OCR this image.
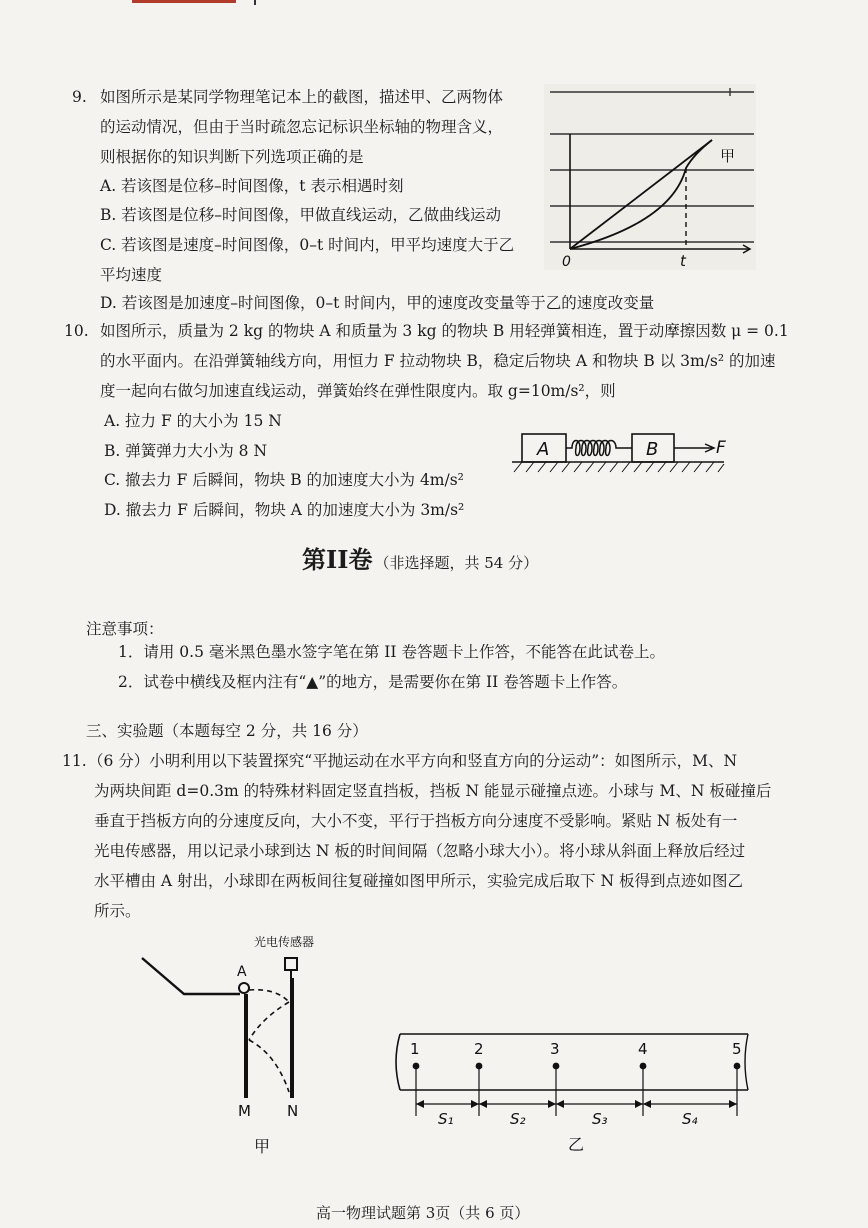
9. 如图所示是某同学物理笔记本上的截图，描述甲、乙两物体
的运动情况，但由于当时疏忽忘记标识坐标轴的物理含义，
则根据你的知识判断下列选项正确的是
A. 若该图是位移–时间图像，t 表示相遇时刻
B. 若该图是位移–时间图像，甲做直线运动，乙做曲线运动
C. 若该图是速度–时间图像，0–t 时间内，甲平均速度大于乙
平均速度
D. 若该图是加速度–时间图像，0–t 时间内，甲的速度改变量等于乙的速度改变量
甲
0	t
10. 如图所示，质量为 2 kg 的物块 A 和质量为 3 kg 的物块 B 用轻弹簧相连，置于动摩擦因数 μ = 0.1
的水平面内。在沿弹簧轴线方向，用恒力 F 拉动物块 B，稳定后物块 A 和物块 B 以 3m/s² 的加速
度一起向右做匀加速直线运动，弹簧始终在弹性限度内。取 g=10m/s²，则
A. 拉力 F 的大小为 15 N
B. 弹簧弹力大小为 8 N
C. 撤去力 F 后瞬间，物块 B 的加速度大小为 4m/s²
D. 撤去力 F 后瞬间，物块 A 的加速度大小为 3m/s²
A	B	F
第II卷 （非选择题，共 54 分）
注意事项：
1．请用 0.5 毫米黑色墨水签字笔在第 II 卷答题卡上作答，不能答在此试卷上。
2．试卷中横线及框内注有“▲”的地方，是需要你在第 II 卷答题卡上作答。
三、实验题（本题每空 2 分，共 16 分）
11. （6 分）小明利用以下装置探究“平抛运动在水平方向和竖直方向的分运动”：如图所示，M、N
为两块间距 d=0.3m 的特殊材料固定竖直挡板，挡板 N 能显示碰撞点迹。小球与 M、N 板碰撞后
垂直于挡板方向的分速度反向，大小不变，平行于挡板方向分速度不受影响。紧贴 N 板处有一
光电传感器，用以记录小球到达 N 板的时间间隔（忽略小球大小）。将小球从斜面上释放后经过
水平槽由 A 射出，小球即在两板间往复碰撞如图甲所示，实验完成后取下 N 板得到点迹如图乙
所示。
光电传感器
A
M N
甲
1	2	3	4	5
S₁	S₂	S₃	S₄
乙
高一物理试题第 3页（共 6 页）
